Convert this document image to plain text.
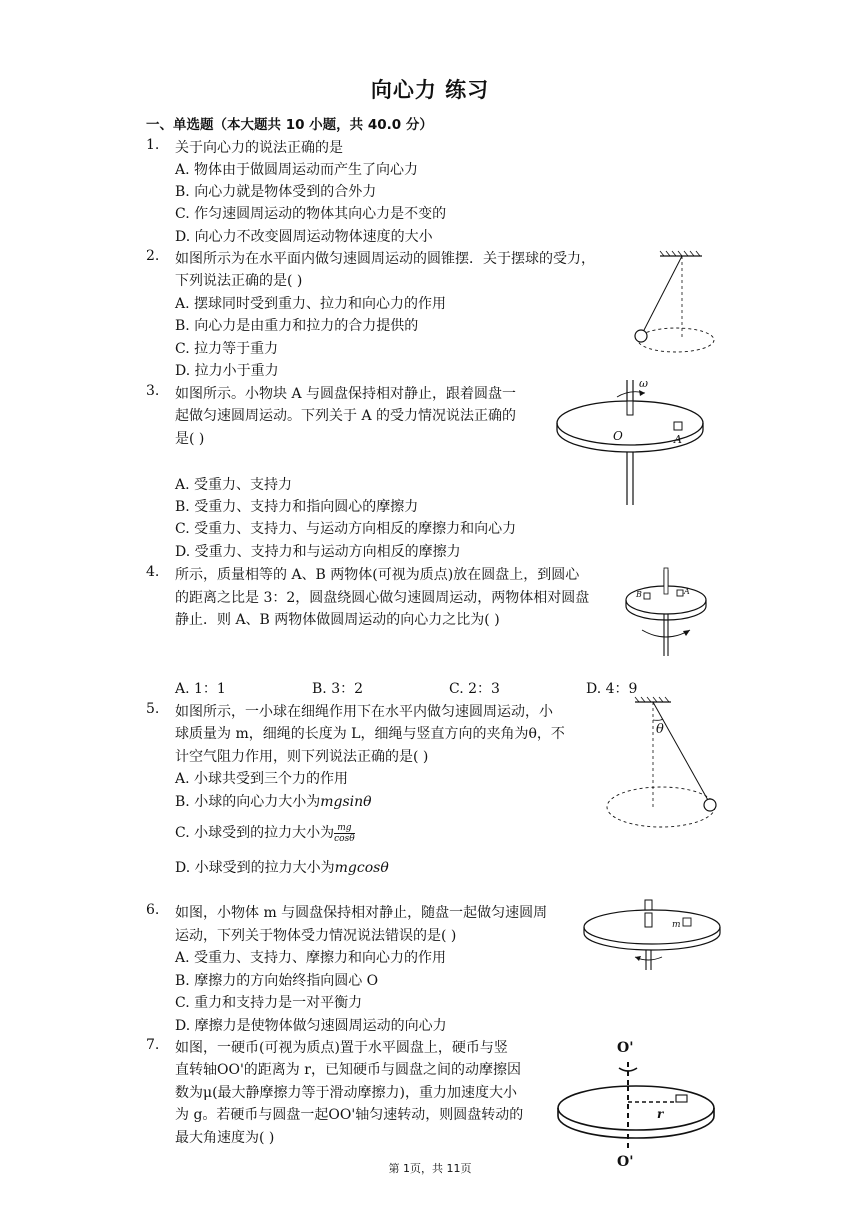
向心力 练习
一、单选题（本大题共 10 小题，共 40.0 分）
1. 关于向心力的说法正确的是
A. 物体由于做圆周运动而产生了向心力
B. 向心力就是物体受到的合外力
C. 作匀速圆周运动的物体其向心力是不变的
D. 向心力不改变圆周运动物体速度的大小
2. 如图所示为在水平面内做匀速圆周运动的圆锥摆．关于摆球的受力，
下列说法正确的是( )
A. 摆球同时受到重力、拉力和向心力的作用
B. 向心力是由重力和拉力的合力提供的
C. 拉力等于重力
D. 拉力小于重力
3. 如图所示。小物块 A 与圆盘保持相对静止，跟着圆盘一
起做匀速圆周运动。下列关于 A 的受力情况说法正确的
是( )
A. 受重力、支持力
B. 受重力、支持力和指向圆心的摩擦力
C. 受重力、支持力、与运动方向相反的摩擦力和向心力
D. 受重力、支持力和与运动方向相反的摩擦力
ω
O	A
4. 所示，质量相等的 A、B 两物体(可视为质点)放在圆盘上，到圆心
的距离之比是 3：2，圆盘绕圆心做匀速圆周运动，两物体相对圆盘
静止．则 A、B 两物体做圆周运动的向心力之比为( )
A. 1：1	B. 3：2	C. 2：3	D. 4：9
B	A
5. 如图所示，一小球在细绳作用下在水平内做匀速圆周运动，小
球质量为 m，细绳的长度为 L，细绳与竖直方向的夹角为θ，不
计空气阻力作用，则下列说法正确的是( )
A. 小球共受到三个力的作用
B. 小球的向心力大小为mgsinθ
C. 小球受到的拉力大小为 $\frac{mg}{\cos\theta}$
D. 小球受到的拉力大小为mgcosθ
θ
6. 如图，小物体 m 与圆盘保持相对静止，随盘一起做匀速圆周
运动，下列关于物体受力情况说法错误的是( )
A. 受重力、支持力、摩擦力和向心力的作用
B. 摩擦力的方向始终指向圆心 O
C. 重力和支持力是一对平衡力
D. 摩擦力是使物体做匀速圆周运动的向心力
m
7. 如图，一硬币(可视为质点)置于水平圆盘上，硬币与竖
直转轴OO'的距离为 r，已知硬币与圆盘之间的动摩擦因
数为μ(最大静摩擦力等于滑动摩擦力)，重力加速度大小
为 g。若硬币与圆盘一起OO'轴匀速转动，则圆盘转动的
最大角速度为( )
O'
r
O'
第 1页，共 11页
